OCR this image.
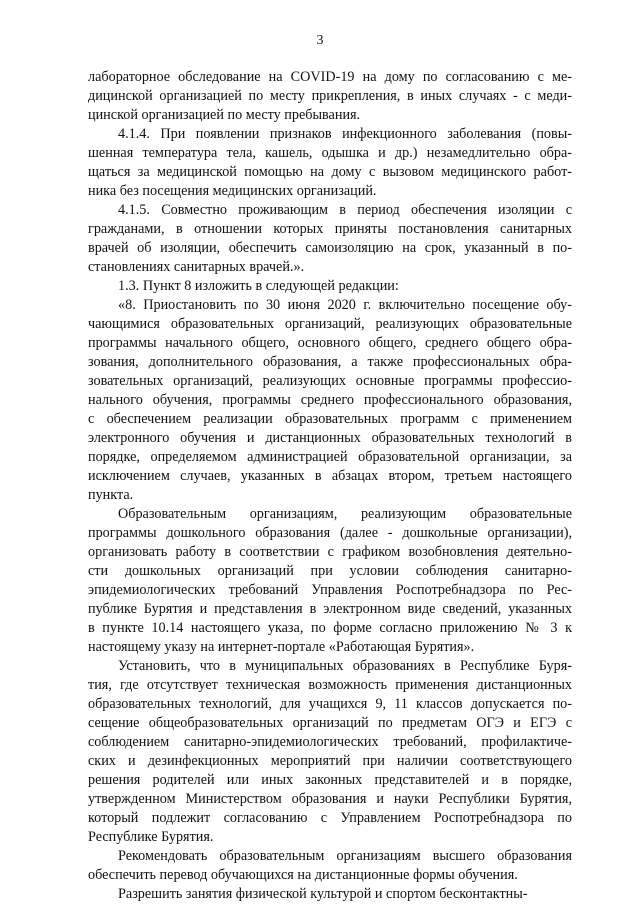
3
лабораторное обследование на COVID-19 на дому по согласованию с ме-
дицинской организацией по месту прикрепления, в иных случаях - с меди-
цинской организацией по месту пребывания.
4.1.4. При появлении признаков инфекционного заболевания (повы-
шенная температура тела, кашель, одышка и др.) незамедлительно обра-
щаться за медицинской помощью на дому с вызовом медицинского работ-
ника без посещения медицинских организаций.
4.1.5. Совместно проживающим в период обеспечения изоляции с
гражданами, в отношении которых приняты постановления санитарных
врачей об изоляции, обеспечить самоизоляцию на срок, указанный в по-
становлениях санитарных врачей.».
1.3. Пункт 8 изложить в следующей редакции:
«8. Приостановить по 30 июня 2020 г. включительно посещение обу-
чающимися образовательных организаций, реализующих образовательные
программы начального общего, основного общего, среднего общего обра-
зования, дополнительного образования, а также профессиональных обра-
зовательных организаций, реализующих основные программы профессио-
нального обучения, программы среднего профессионального образования,
с обеспечением реализации образовательных программ с применением
электронного обучения и дистанционных образовательных технологий в
порядке, определяемом администрацией образовательной организации, за
исключением случаев, указанных в абзацах втором, третьем настоящего
пункта.
Образовательным организациям, реализующим образовательные
программы дошкольного образования (далее - дошкольные организации),
организовать работу в соответствии с графиком возобновления деятельно-
сти дошкольных организаций при условии соблюдения санитарно-
эпидемиологических требований Управления Роспотребнадзора по Рес-
публике Бурятия и представления в электронном виде сведений, указанных
в пункте 10.14 настоящего указа, по форме согласно приложению № 3 к
настоящему указу на интернет-портале «Работающая Бурятия».
Установить, что в муниципальных образованиях в Республике Буря-
тия, где отсутствует техническая возможность применения дистанционных
образовательных технологий, для учащихся 9, 11 классов допускается по-
сещение общеобразовательных организаций по предметам ОГЭ и ЕГЭ с
соблюдением санитарно-эпидемиологических требований, профилактиче-
ских и дезинфекционных мероприятий при наличии соответствующего
решения родителей или иных законных представителей и в порядке,
утвержденном Министерством образования и науки Республики Бурятия,
который подлежит согласованию с Управлением Роспотребнадзора по
Республике Бурятия.
Рекомендовать образовательным организациям высшего образования
обеспечить перевод обучающихся на дистанционные формы обучения.
Разрешить занятия физической культурой и спортом бесконтактны-
